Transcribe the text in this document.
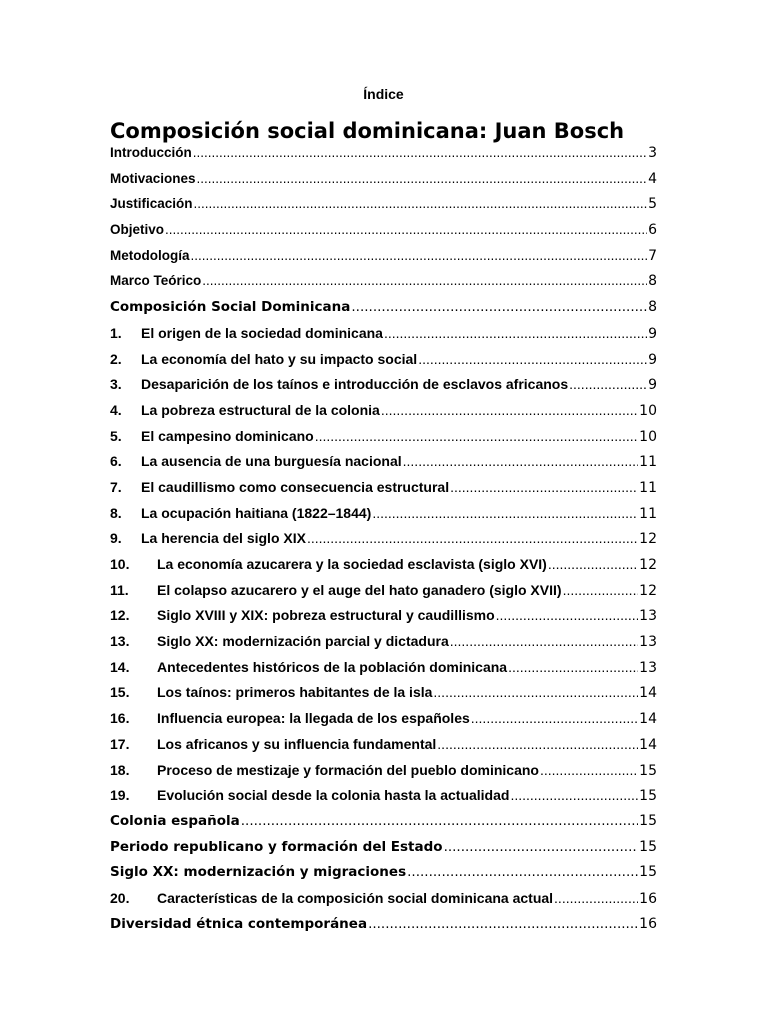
Índice
Composición social dominicana: Juan Bosch
Introducción .....	3
Motivaciones .....	4
Justificación .....	5
Objetivo .....	6
Metodología .....	7
Marco Teórico .....	8
Composición Social Dominicana .....	8
1.	El origen de la sociedad dominicana .....	9
2.	La economía del hato y su impacto social .....	9
3.	Desaparición de los taínos e introducción de esclavos africanos .....	9
4.	La pobreza estructural de la colonia .....	10
5.	El campesino dominicano .....	10
6.	La ausencia de una burguesía nacional .....	11
7.	El caudillismo como consecuencia estructural .....	11
8.	La ocupación haitiana (1822–1844) .....	11
9.	La herencia del siglo XIX .....	12
10.	La economía azucarera y la sociedad esclavista (siglo XVI) .....	12
11.	El colapso azucarero y el auge del hato ganadero (siglo XVII) .....	12
12.	Siglo XVIII y XIX: pobreza estructural y caudillismo .....	13
13.	Siglo XX: modernización parcial y dictadura .....	13
14.	Antecedentes históricos de la población dominicana .....	13
15.	Los taínos: primeros habitantes de la isla .....	14
16.	Influencia europea: la llegada de los españoles .....	14
17.	Los africanos y su influencia fundamental .....	14
18.	Proceso de mestizaje y formación del pueblo dominicano .....	15
19.	Evolución social desde la colonia hasta la actualidad .....	15
Colonia española .....	15
Periodo republicano y formación del Estado .....	15
Siglo XX: modernización y migraciones .....	15
20.	Características de la composición social dominicana actual .....	16
Diversidad étnica contemporánea .....	16
